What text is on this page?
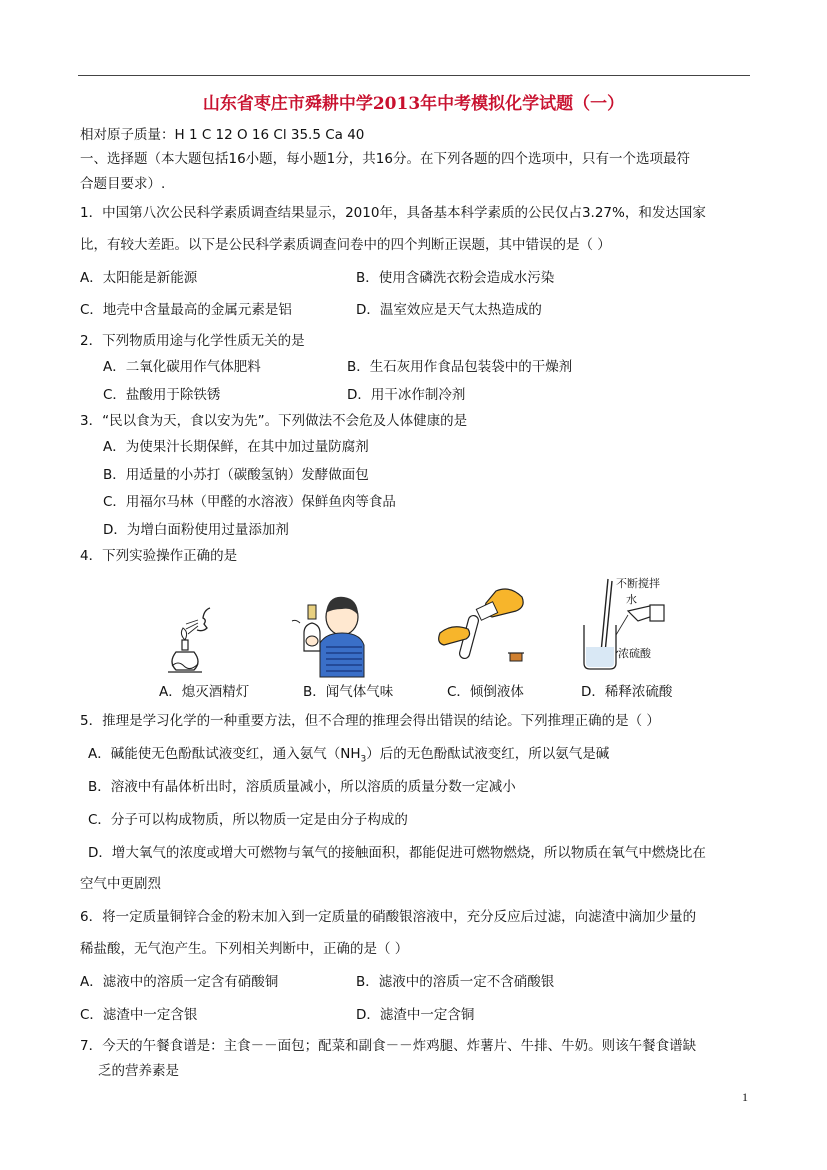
山东省枣庄市舜耕中学2013年中考模拟化学试题（一）
相对原子质量：H 1 C 12 O 16 Cl 35.5 Ca 40
一、选择题（本大题包括16小题，每小题1分，共16分。在下列各题的四个选项中，只有一个选项最符
合题目要求）.
1．中国第八次公民科学素质调查结果显示，2010年，具备基本科学素质的公民仅占3.27%，和发达国家
比，有较大差距。以下是公民科学素质调查问卷中的四个判断正误题，其中错误的是（ ）
A．太阳能是新能源	B．使用含磷洗衣粉会造成水污染
C．地壳中含量最高的金属元素是铝	D．温室效应是天气太热造成的
2．下列物质用途与化学性质无关的是
A．二氧化碳用作气体肥料	B．生石灰用作食品包装袋中的干燥剂
C．盐酸用于除铁锈	D．用干冰作制冷剂
3．“民以食为天，食以安为先”。下列做法不会危及人体健康的是
A．为使果汁长期保鲜，在其中加过量防腐剂
B．用适量的小苏打（碳酸氢钠）发酵做面包
C．用福尔马林（甲醛的水溶液）保鲜鱼肉等食品
D．为增白面粉使用过量添加剂
4．下列实验操作正确的是
不断搅拌
水
浓硫酸
A．熄灭酒精灯	B．闻气体气味	C．倾倒液体	D．稀释浓硫酸
5．推理是学习化学的一种重要方法，但不合理的推理会得出错误的结论。下列推理正确的是（ ）
A．碱能使无色酚酞试液变红，通入氨气$(NH_3)$后的无色酚酞试液变红，所以氨气是碱
B．溶液中有晶体析出时，溶质质量减小，所以溶质的质量分数一定减小
C．分子可以构成物质，所以物质一定是由分子构成的
D．增大氧气的浓度或增大可燃物与氧气的接触面积，都能促进可燃物燃烧，所以物质在氧气中燃烧比在
空气中更剧烈
6．将一定质量铜锌合金的粉末加入到一定质量的硝酸银溶液中，充分反应后过滤，向滤渣中滴加少量的
稀盐酸，无气泡产生。下列相关判断中，正确的是（ ）
A．滤液中的溶质一定含有硝酸铜	B．滤液中的溶质一定不含硝酸银
C．滤渣中一定含银	D．滤渣中一定含铜
7．今天的午餐食谱是：主食－－面包；配菜和副食－－炸鸡腿、炸薯片、牛排、牛奶。则该午餐食谱缺
乏的营养素是
1
